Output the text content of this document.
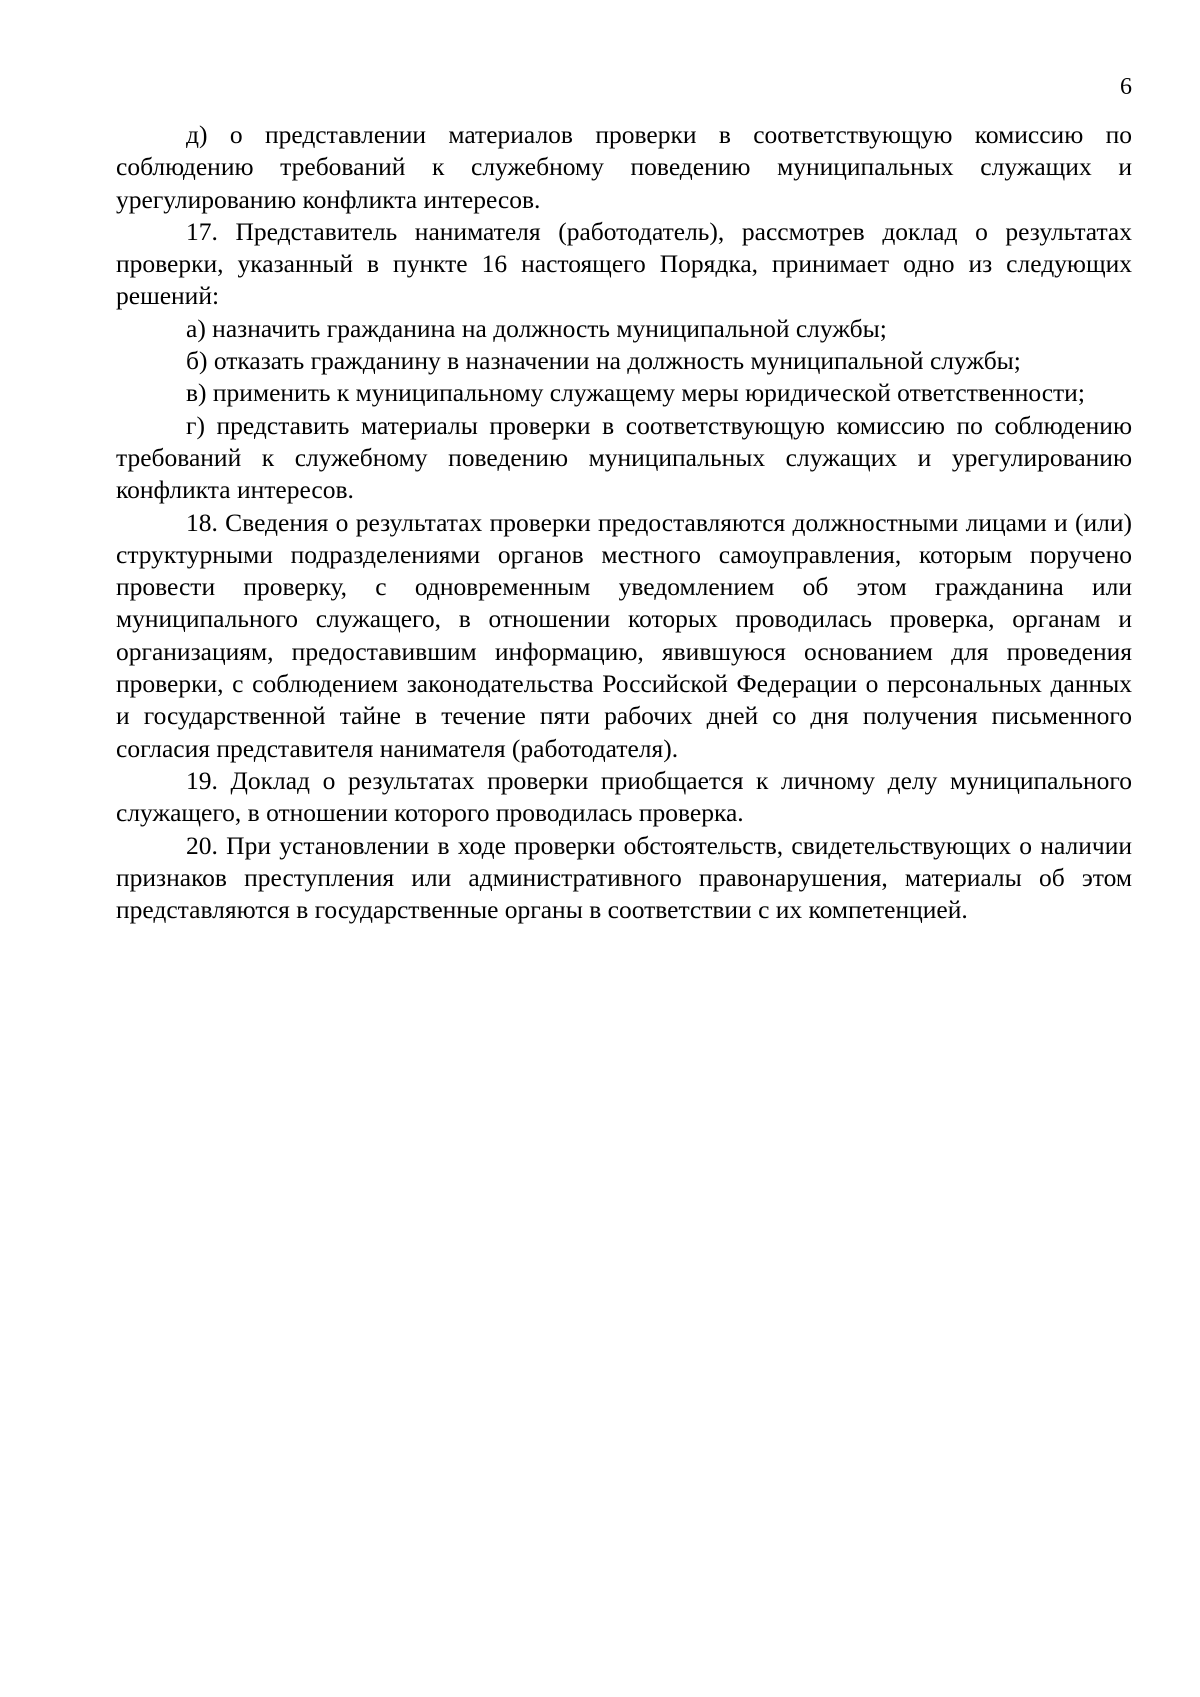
6

д) о представлении материалов проверки в соответствующую комиссию по соблюдению требований к служебному поведению муниципальных служащих и урегулированию конфликта интересов.

17. Представитель нанимателя (работодатель), рассмотрев доклад о результатах проверки, указанный в пункте 16 настоящего Порядка, принимает одно из следующих решений:

а) назначить гражданина на должность муниципальной службы;

б) отказать гражданину в назначении на должность муниципальной службы;

в) применить к муниципальному служащему меры юридической ответственности;

г) представить материалы проверки в соответствующую комиссию по соблюдению требований к служебному поведению муниципальных служащих и урегулированию конфликта интересов.

18. Сведения о результатах проверки предоставляются должностными лицами и (или) структурными подразделениями органов местного самоуправления, которым поручено провести проверку, с одновременным уведомлением об этом гражданина или муниципального служащего, в отношении которых проводилась проверка, органам и организациям, предоставившим информацию, явившуюся основанием для проведения проверки, с соблюдением законодательства Российской Федерации о персональных данных и государственной тайне в течение пяти рабочих дней со дня получения письменного согласия представителя нанимателя (работодателя).

19. Доклад о результатах проверки приобщается к личному делу муниципального служащего, в отношении которого проводилась проверка.

20. При установлении в ходе проверки обстоятельств, свидетельствующих о наличии признаков преступления или административного правонарушения, материалы об этом представляются в государственные органы в соответствии с их компетенцией.
